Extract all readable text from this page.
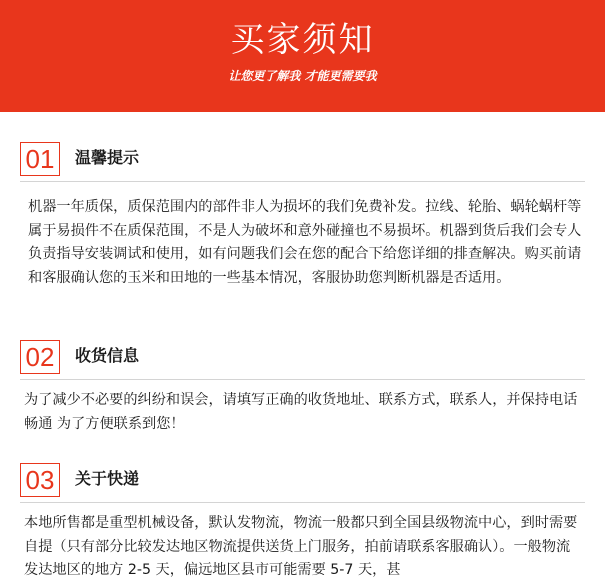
买家须知
让您更了解我 才能更需要我
01	温馨提示

机器一年质保，质保范围内的部件非人为损坏的我们免费补发。拉线、轮胎、蜗轮蜗杆等属于易损件不在质保范围，不是人为破坏和意外碰撞也不易损坏。机器到货后我们会专人负责指导安装调试和使用，如有问题我们会在您的配合下给您详细的排查解决。购买前请和客服确认您的玉米和田地的一些基本情况，客服协助您判断机器是否适用。

02	收货信息

为了减少不必要的纠纷和误会，请填写正确的收货地址、联系方式，联系人，并保持电话畅通 为了方便联系到您！

03	关于快递

本地所售都是重型机械设备，默认发物流，物流一般都只到全国县级物流中心，到时需要自提（只有部分比较发达地区物流提供送货上门服务，拍前请联系客服确认）。一般物流发达地区的地方 2-5 天，偏远地区县市可能需要 5-7 天，甚
